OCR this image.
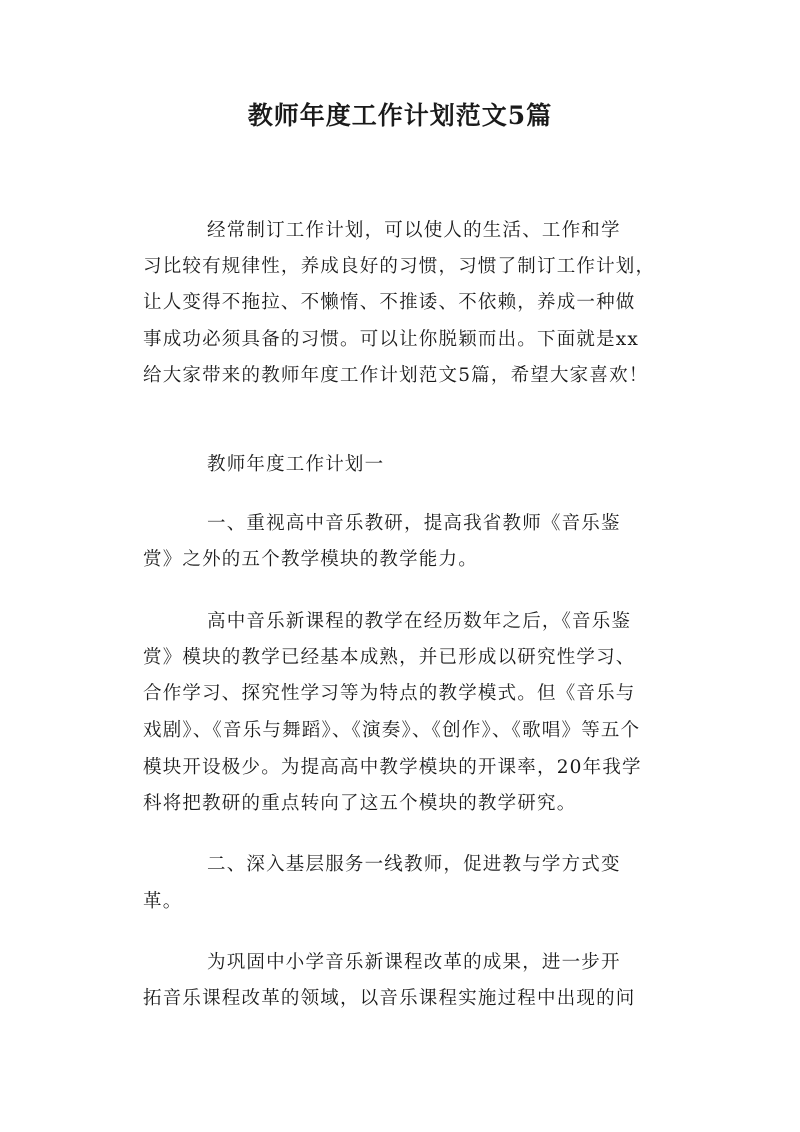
教师年度工作计划范文5篇
经常制订工作计划，可以使人的生活、工作和学
习比较有规律性，养成良好的习惯，习惯了制订工作计划，
让人变得不拖拉、不懒惰、不推诿、不依赖，养成一种做
事成功必须具备的习惯。可以让你脱颖而出。下面就是xx
给大家带来的教师年度工作计划范文5篇，希望大家喜欢！
教师年度工作计划一
一、重视高中音乐教研，提高我省教师《音乐鉴
赏》之外的五个教学模块的教学能力。
高中音乐新课程的教学在经历数年之后，《音乐鉴
赏》模块的教学已经基本成熟，并已形成以研究性学习、
合作学习、探究性学习等为特点的教学模式。但《音乐与
戏剧》、《音乐与舞蹈》、《演奏》、《创作》、《歌唱》等五个
模块开设极少。为提高高中教学模块的开课率，20年我学
科将把教研的重点转向了这五个模块的教学研究。
二、深入基层服务一线教师，促进教与学方式变
革。
为巩固中小学音乐新课程改革的成果，进一步开
拓音乐课程改革的领域，以音乐课程实施过程中出现的问
